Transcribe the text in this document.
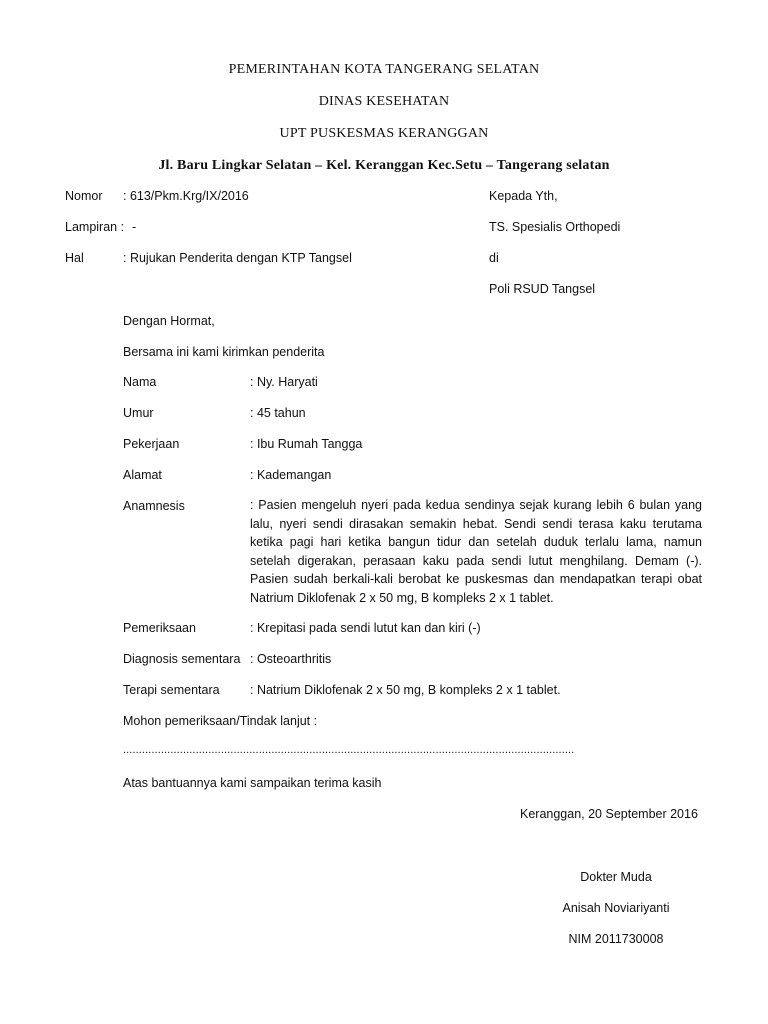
PEMERINTAHAN KOTA TANGERANG SELATAN
DINAS KESEHATAN
UPT PUSKESMAS KERANGGAN
Jl. Baru Lingkar Selatan – Kel. Keranggan Kec.Setu – Tangerang selatan
Nomor : 613/Pkm.Krg/IX/2016
Lampiran : -
Hal	: Rujukan Penderita dengan KTP Tangsel
Kepada Yth,
TS. Spesialis Orthopedi
di
Poli RSUD Tangsel
Dengan Hormat,
Bersama ini kami kirimkan penderita
Nama	: Ny. Haryati
Umur	: 45 tahun
Pekerjaan	: Ibu Rumah Tangga
Alamat	: Kademangan
Anamnesis	: Pasien mengeluh nyeri pada kedua sendinya sejak kurang lebih 6 bulan yang lalu, nyeri sendi dirasakan semakin hebat. Sendi sendi terasa kaku terutama ketika pagi hari ketika bangun tidur dan setelah duduk terlalu lama, namun setelah digerakan, perasaan kaku pada sendi lutut menghilang. Demam (-). Pasien sudah berkali-kali berobat ke puskesmas dan mendapatkan terapi obat Natrium Diklofenak 2 x 50 mg, B kompleks 2 x 1 tablet.
Pemeriksaan	: Krepitasi pada sendi lutut kan dan kiri (-)
Diagnosis sementara : Osteoarthritis
Terapi sementara : Natrium Diklofenak 2 x 50 mg, B kompleks 2 x 1 tablet.
Mohon pemeriksaan/Tindak lanjut :
...............................................................................................................................................
Atas bantuannya kami sampaikan terima kasih
Keranggan, 20 September 2016
Dokter Muda
Anisah Noviariyanti
NIM 2011730008
